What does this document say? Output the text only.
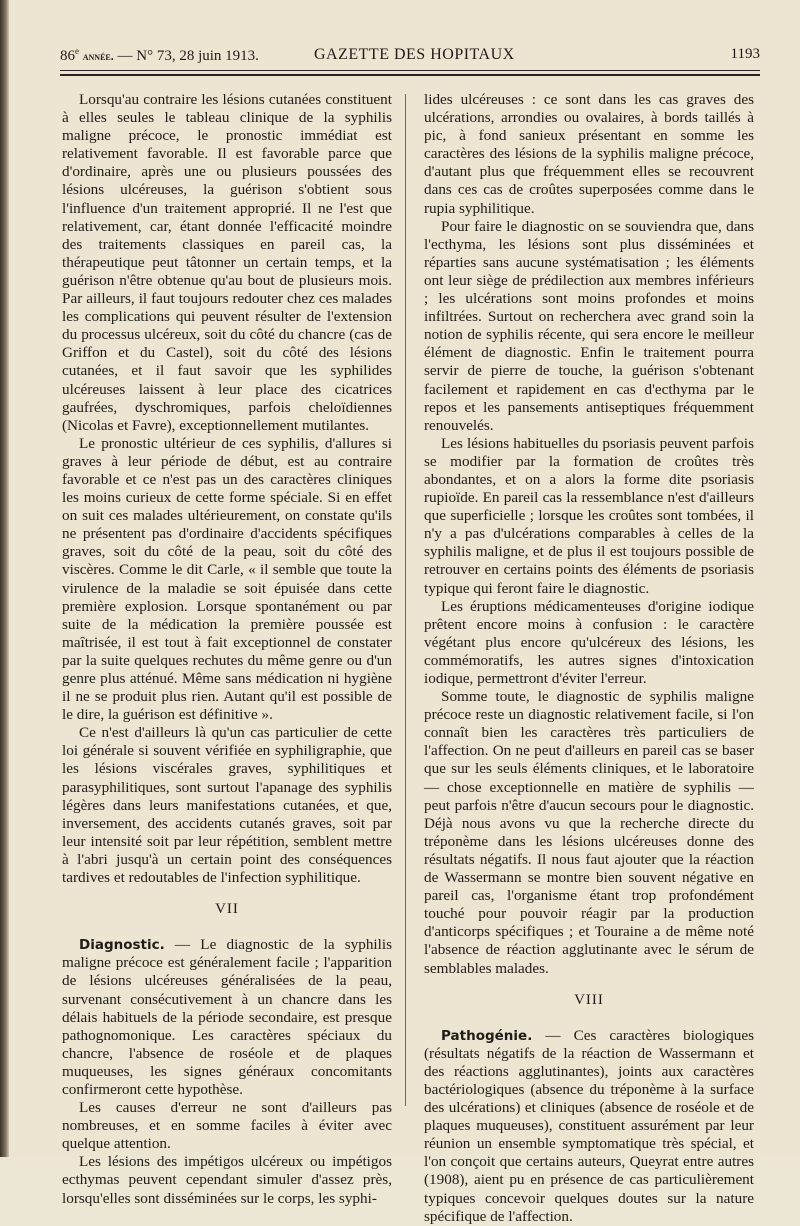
86e année. — N° 73, 28 juin 1913.	GAZETTE DES HOPITAUX	1193

Lorsqu'au contraire les lésions cutanées constituent à elles seules le tableau clinique de la syphilis maligne précoce, le pronostic immédiat est relativement favorable. Il est favorable parce que d'ordinaire, après une ou plusieurs poussées des lésions ulcéreuses, la guérison s'obtient sous l'influence d'un traitement approprié. Il ne l'est que relativement, car, étant donnée l'efficacité moindre des traitements classiques en pareil cas, la thérapeutique peut tâtonner un certain temps, et la guérison n'être obtenue qu'au bout de plusieurs mois. Par ailleurs, il faut toujours redouter chez ces malades les complications qui peuvent résulter de l'extension du processus ulcéreux, soit du côté du chancre (cas de Griffon et du Castel), soit du côté des lésions cutanées, et il faut savoir que les syphilides ulcéreuses laissent à leur place des cicatrices gaufrées, dyschromiques, parfois cheloïdiennes (Nicolas et Favre), exceptionnellement mutilantes.

Le pronostic ultérieur de ces syphilis, d'allures si graves à leur période de début, est au contraire favorable et ce n'est pas un des caractères cliniques les moins curieux de cette forme spéciale. Si en effet on suit ces malades ultérieurement, on constate qu'ils ne présentent pas d'ordinaire d'accidents spécifiques graves, soit du côté de la peau, soit du côté des viscères. Comme le dit Carle, « il semble que toute la virulence de la maladie se soit épuisée dans cette première explosion. Lorsque spontanément ou par suite de la médication la première poussée est maîtrisée, il est tout à fait exceptionnel de constater par la suite quelques rechutes du même genre ou d'un genre plus atténué. Même sans médication ni hygiène il ne se produit plus rien. Autant qu'il est possible de le dire, la guérison est définitive ».

Ce n'est d'ailleurs là qu'un cas particulier de cette loi générale si souvent vérifiée en syphiligraphie, que les lésions viscérales graves, syphilitiques et parasyphilitiques, sont surtout l'apanage des syphilis légères dans leurs manifestations cutanées, et que, inversement, des accidents cutanés graves, soit par leur intensité soit par leur répétition, semblent mettre à l'abri jusqu'à un certain point des conséquences tardives et redoutables de l'infection syphilitique.

VII

Diagnostic. — Le diagnostic de la syphilis maligne précoce est généralement facile ; l'apparition de lésions ulcéreuses généralisées de la peau, survenant consécutivement à un chancre dans les délais habituels de la période secondaire, est presque pathognomonique. Les caractères spéciaux du chancre, l'absence de roséole et de plaques muqueuses, les signes généraux concomitants confirmeront cette hypothèse.

Les causes d'erreur ne sont d'ailleurs pas nombreuses, et en somme faciles à éviter avec quelque attention.

Les lésions des impétigos ulcéreux ou impétigos ecthymas peuvent cependant simuler d'assez près, lorsqu'elles sont disséminées sur le corps, les syphi-

lides ulcéreuses : ce sont dans les cas graves des ulcérations, arrondies ou ovalaires, à bords taillés à pic, à fond sanieux présentant en somme les caractères des lésions de la syphilis maligne précoce, d'autant plus que fréquemment elles se recouvrent dans ces cas de croûtes superposées comme dans le rupia syphilitique.

Pour faire le diagnostic on se souviendra que, dans l'ecthyma, les lésions sont plus disséminées et réparties sans aucune systématisation ; les éléments ont leur siège de prédilection aux membres inférieurs ; les ulcérations sont moins profondes et moins infiltrées. Surtout on recherchera avec grand soin la notion de syphilis récente, qui sera encore le meilleur élément de diagnostic. Enfin le traitement pourra servir de pierre de touche, la guérison s'obtenant facilement et rapidement en cas d'ecthyma par le repos et les pansements antiseptiques fréquemment renouvelés.

Les lésions habituelles du psoriasis peuvent parfois se modifier par la formation de croûtes très abondantes, et on a alors la forme dite psoriasis rupioïde. En pareil cas la ressemblance n'est d'ailleurs que superficielle ; lorsque les croûtes sont tombées, il n'y a pas d'ulcérations comparables à celles de la syphilis maligne, et de plus il est toujours possible de retrouver en certains points des éléments de psoriasis typique qui feront faire le diagnostic.

Les éruptions médicamenteuses d'origine iodique prêtent encore moins à confusion : le caractère végétant plus encore qu'ulcéreux des lésions, les commémoratifs, les autres signes d'intoxication iodique, permettront d'éviter l'erreur.

Somme toute, le diagnostic de syphilis maligne précoce reste un diagnostic relativement facile, si l'on connaît bien les caractères très particuliers de l'affection. On ne peut d'ailleurs en pareil cas se baser que sur les seuls éléments cliniques, et le laboratoire — chose exceptionnelle en matière de syphilis — peut parfois n'être d'aucun secours pour le diagnostic. Déjà nous avons vu que la recherche directe du tréponème dans les lésions ulcéreuses donne des résultats négatifs. Il nous faut ajouter que la réaction de Wassermann se montre bien souvent négative en pareil cas, l'organisme étant trop profondément touché pour pouvoir réagir par la production d'anticorps spécifiques ; et Touraine a de même noté l'absence de réaction agglutinante avec le sérum de semblables malades.

VIII

Pathogénie. — Ces caractères biologiques (résultats négatifs de la réaction de Wassermann et des réactions agglutinantes), joints aux caractères bactériologiques (absence du tréponème à la surface des ulcérations) et cliniques (absence de roséole et de plaques muqueuses), constituent assurément par leur réunion un ensemble symptomatique très spécial, et l'on conçoit que certains auteurs, Queyrat entre autres (1908), aient pu en présence de cas particulièrement typiques concevoir quelques doutes sur la nature spécifique de l'affection.
